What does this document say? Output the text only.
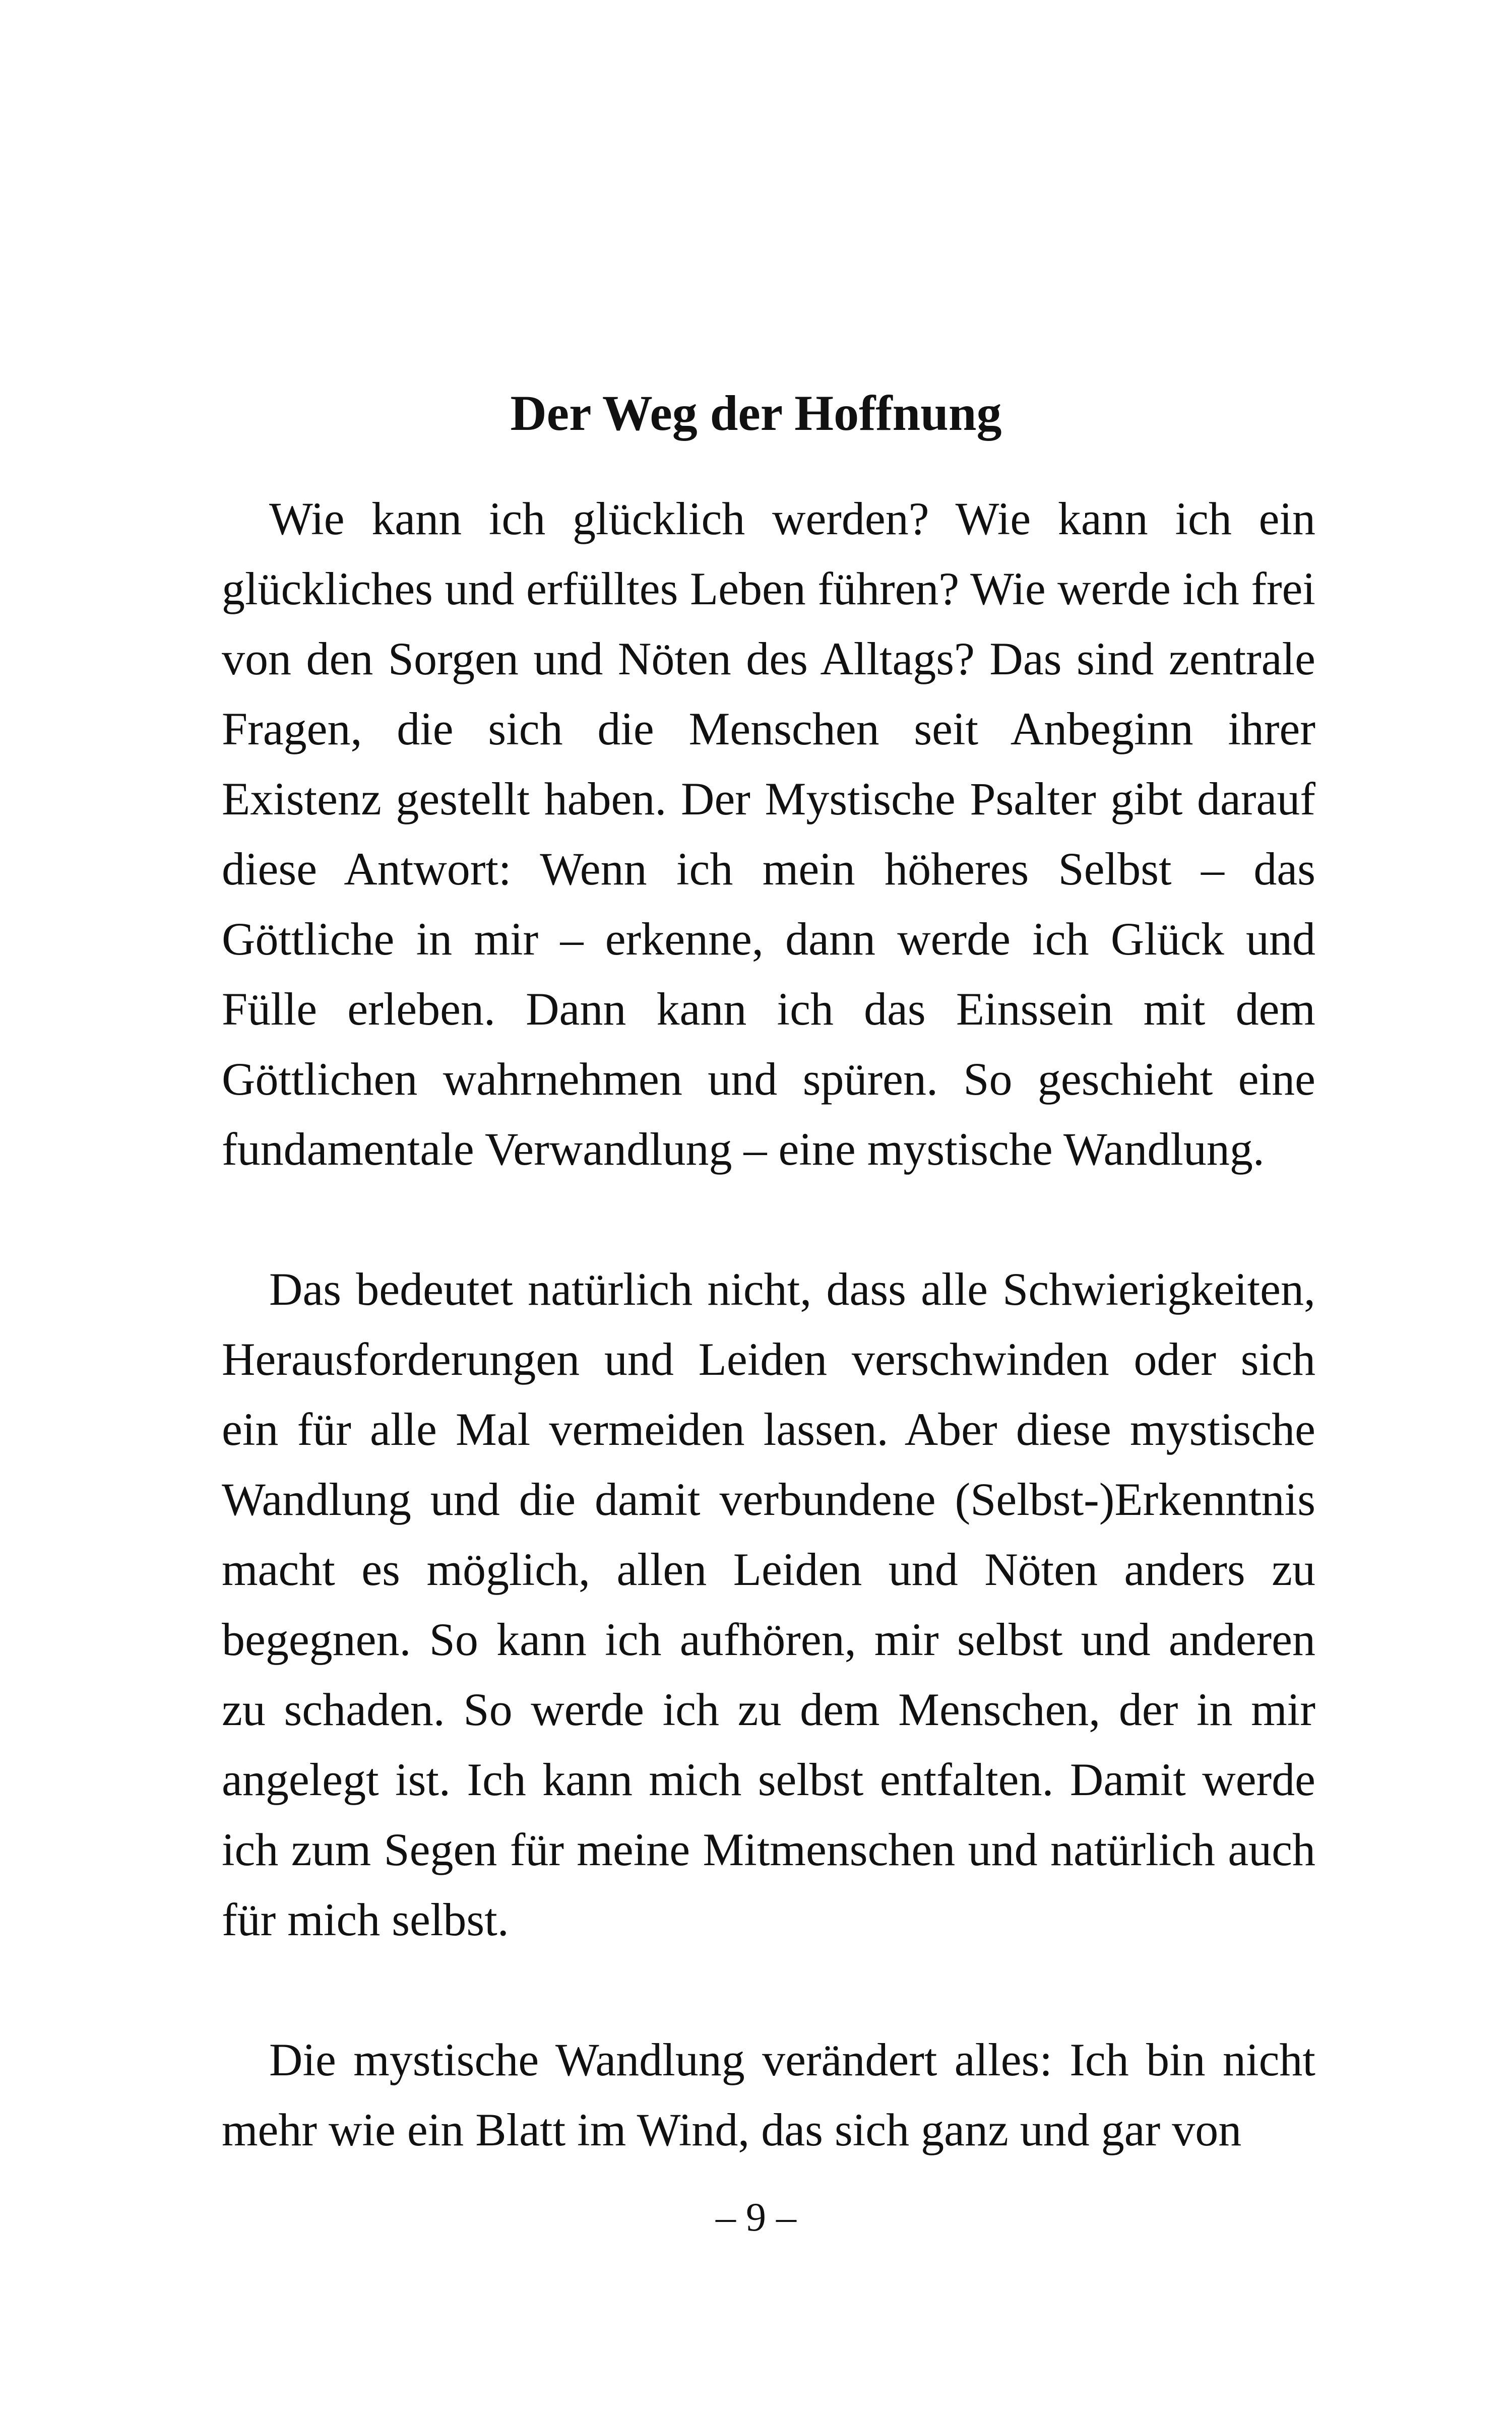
Der Weg der Hoffnung

Wie kann ich glücklich werden? Wie kann ich ein glückliches und erfülltes Leben führen? Wie werde ich frei von den Sorgen und Nöten des Alltags? Das sind zentrale Fragen, die sich die Menschen seit Anbeginn ihrer Existenz gestellt haben. Der Mystische Psalter gibt darauf diese Antwort: Wenn ich mein höheres Selbst – das Göttliche in mir – erkenne, dann werde ich Glück und Fülle erleben. Dann kann ich das Einssein mit dem Göttlichen wahrnehmen und spüren. So geschieht eine fundamentale Verwandlung – eine mystische Wandlung.

Das bedeutet natürlich nicht, dass alle Schwierigkeiten, Herausforderungen und Leiden verschwinden oder sich ein für alle Mal vermeiden lassen. Aber diese mystische Wandlung und die damit verbundene (Selbst-)Erkenntnis macht es möglich, allen Leiden und Nöten anders zu begegnen. So kann ich aufhören, mir selbst und anderen zu schaden. So werde ich zu dem Menschen, der in mir angelegt ist. Ich kann mich selbst entfalten. Damit werde ich zum Segen für meine Mitmenschen und natürlich auch für mich selbst.

Die mystische Wandlung verändert alles: Ich bin nicht mehr wie ein Blatt im Wind, das sich ganz und gar von

– 9 –
